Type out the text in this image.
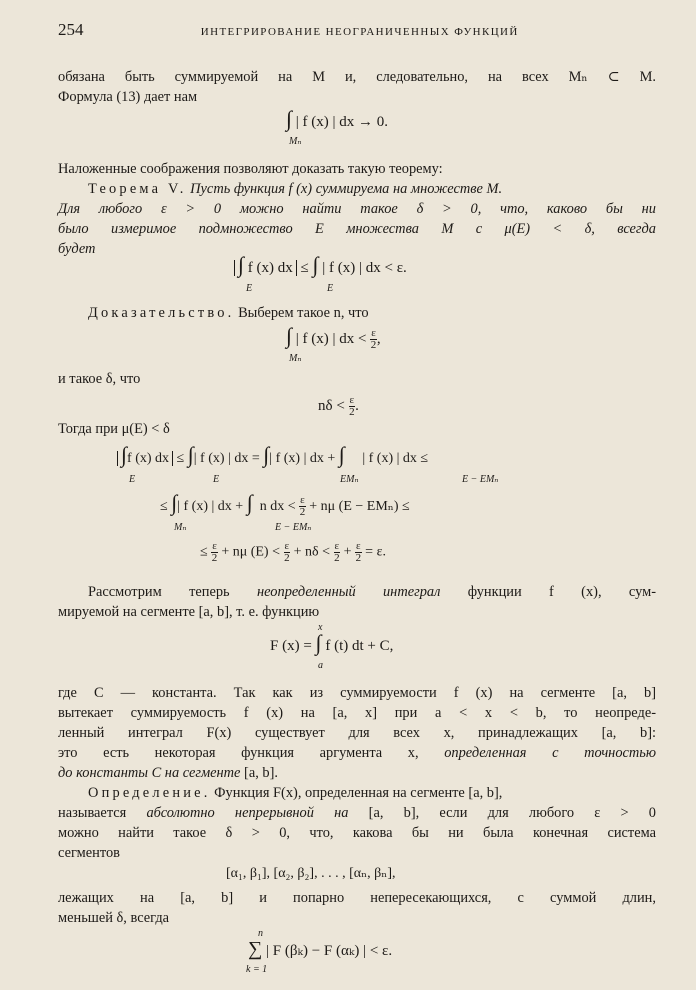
254	ИНТЕГРИРОВАНИЕ НЕОГРАНИЧЕННЫХ ФУНКЦИЙ
обязана быть суммируемой на M и, следовательно, на всех Mₙ ⊂ M.
Формула (13) дает нам
∫ | f (x) | dx → 0.
Mₙ
Наложенные соображения позволяют доказать такую теорему:
Теорема V. Пусть функция f (x) суммируема на множестве M.
Для любого ε > 0 можно найти такое δ > 0, что, каково бы ни
было измеримое подмножество E множества M с μ(E) < δ, всегда
будет
∫ f (x) dx ≤ ∫ | f (x) | dx < ε.
E	E
Доказательство. Выберем такое n, что
∫ | f (x) | dx < $\frac{\varepsilon}{2}$ ,
Mₙ
и такое δ, что
$n\delta < \frac{\varepsilon}{2}$ .
Тогда при μ(E) < δ
∫f (x) dx ≤ ∫| f (x) | dx = ∫| f (x) | dx + ∫ | f (x) | dx ≤
E	E	EMₙ	E − EMₙ
≤ ∫| f (x) | dx + ∫ n dx < $\frac{\varepsilon}{2} + n\mu$ (E − EMₙ) ≤
Mₙ	E − EMₙ
≤ $\frac{\varepsilon}{2} + n\mu$ $(E) < \frac{\varepsilon}{2} + n\delta < \frac{\varepsilon}{2} + \frac{\varepsilon}{2} = \varepsilon$.
Рассмотрим теперь неопределенный интеграл функции f (x), сум-
мируемой на сегменте [a, b], т. е. функцию
x
F (x) = ∫ f (t) dt + C,
a
где C — константа. Так как из суммируемости f (x) на сегменте [a, b]
вытекает суммируемость f (x) на [a, x] при a < x < b, то неопреде-
ленный интеграл F(x) существует для всех x, принадлежащих [a, b]:
это есть некоторая функция аргумента x, определенная с точностью
до константы C на сегменте [a, b].
Определение. Функция F(x), определенная на сегменте [a, b],
называется абсолютно непрерывной на [a, b], если для любого ε > 0
можно найти такое δ > 0, что, какова бы ни была конечная система
сегментов
[α₁, β₁], [α₂, β₂], . . . , [αₙ, βₙ],
лежащих на [a, b] и попарно непересекающихся, с суммой длин,
меньшей δ, всегда
n
∑ | F (βₖ) − F (αₖ) | < ε.
k = 1
